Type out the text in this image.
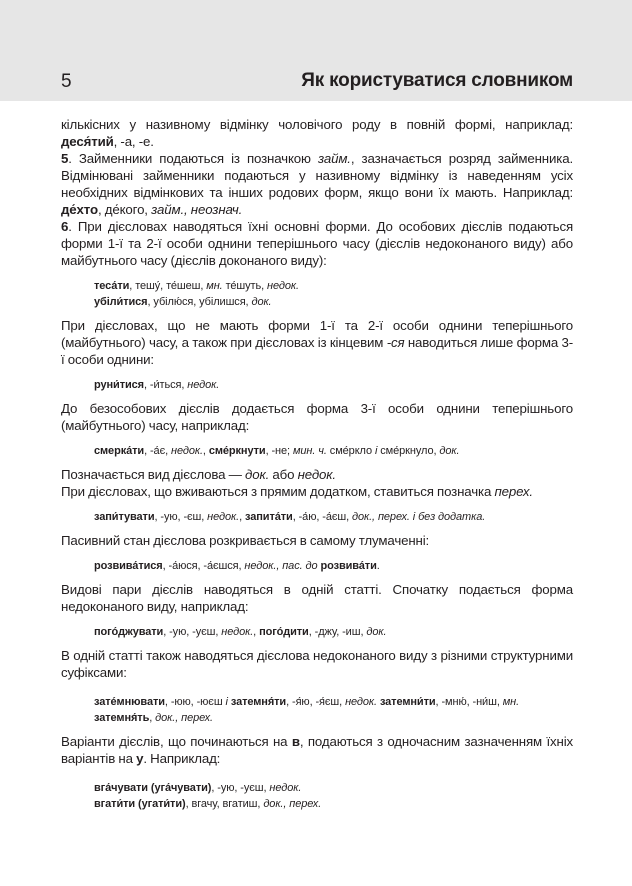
5	Як користуватися словником

кількісних у називному відмінку чоловічого роду в повній формі, наприклад: деся́тий, -а, -е.

5. Займенники подаються із позначкою займ., зазначається розряд займенника. Відмінювані займенники подаються у називному відмінку із наведенням усіх необхідних відмінкових та інших родових форм, якщо вони їх мають. Наприклад: де́хто, де́кого, займ., неознач.

6. При дієсловах наводяться їхні основні форми. До особових дієслів подаються форми 1-ї та 2-ї особи однини теперішнього часу (дієслів недоконаного виду) або майбутнього часу (дієслів доконаного виду):

теса́ти, тешу́, те́шеш, мн. те́шуть, недок.

убіли́тися, убілю́ся, убілишся, док.

При дієсловах, що не мають форми 1-ї та 2-ї особи однини теперішнього (майбутнього) часу, а також при дієсловах із кінцевим -ся наводиться лише форма 3-ї особи однини:

руни́тися, -и́ться, недок.

До безособових дієслів додається форма 3-ї особи однини теперішнього (майбутнього) часу, наприклад:

смерка́ти, -а́є, недок., сме́ркнути, -не; мин. ч. сме́ркло і сме́ркнуло, док.

Позначається вид дієслова — док. або недок.

При дієсловах, що вживаються з прямим додатком, ставиться позначка перех.

запи́тувати, -ую, -єш, недок., запита́ти, -а́ю, -а́єш, док., перех. і без додатка.

Пасивний стан дієслова розкривається в самому тлумаченні:

розвива́тися, -а́юся, -а́єшся, недок., пас. до розвива́ти.

Видові пари дієслів наводяться в одній статті. Спочатку подається форма недоконаного виду, наприклад:

пого́джувати, -ую, -уєш, недок., пого́дити, -джу, -иш, док.

В одній статті також наводяться дієслова недоконаного виду з різними структурними суфіксами:

зате́мнювати, -юю, -юєш і затемня́ти, -я́ю, -я́єш, недок. затемни́ти, -мню́, -ни́ш, мн. затемня́ть, док., перех.

Варіанти дієслів, що починаються на в, подаються з одночасним зазначенням їхніх варіантів на у. Наприклад:

вга́чувати (уга́чувати), -ую, -уєш, недок.

вгати́ти (угати́ти), вгачу, вгатиш, док., перех.
